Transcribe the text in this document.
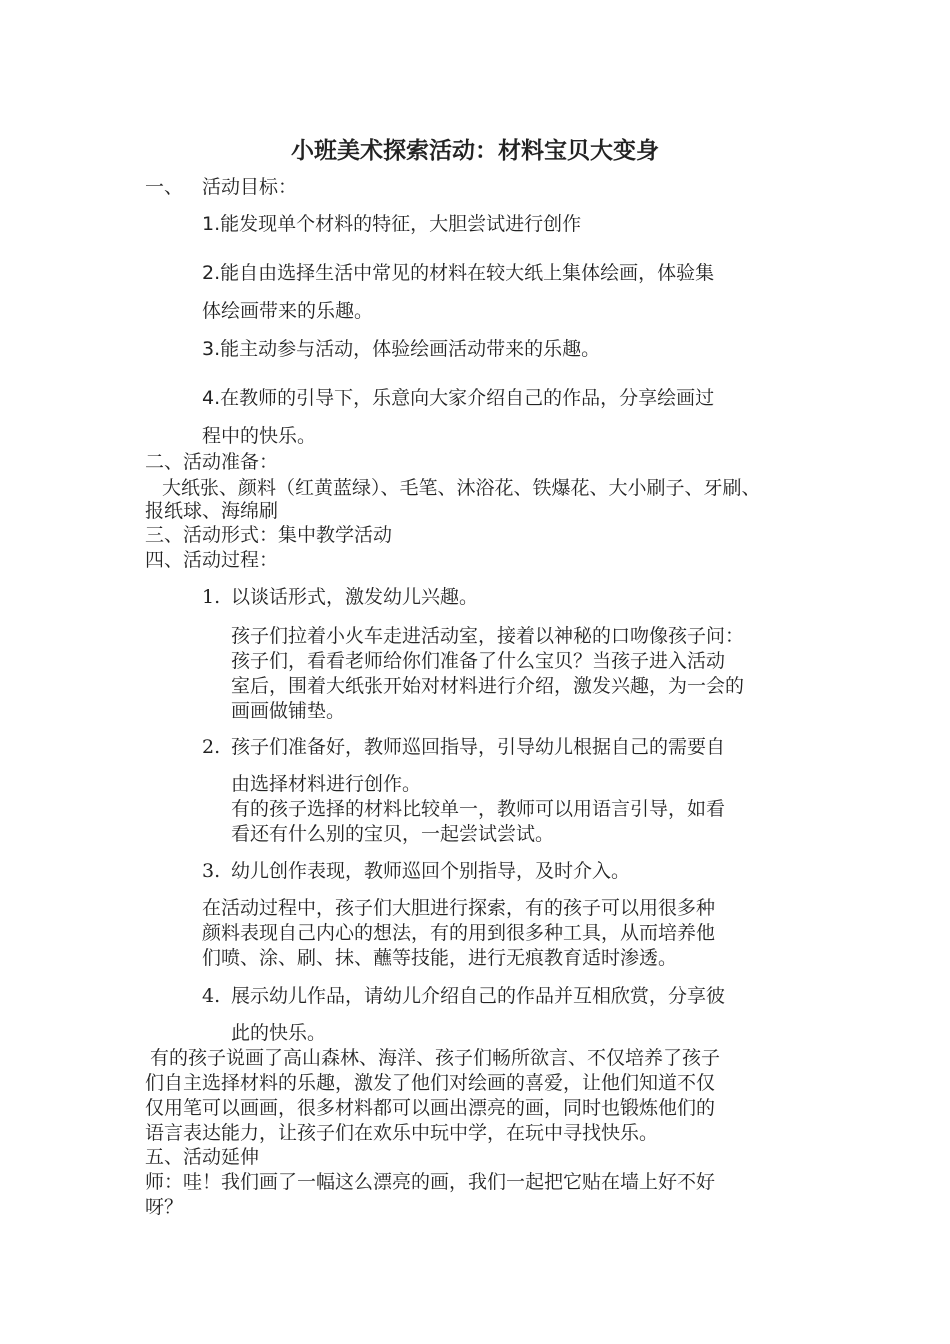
小班美术探索活动：材料宝贝大变身
一、 活动目标：
1.能发现单个材料的特征，大胆尝试进行创作
2.能自由选择生活中常见的材料在较大纸上集体绘画，体验集
体绘画带来的乐趣。
3.能主动参与活动，体验绘画活动带来的乐趣。
4.在教师的引导下，乐意向大家介绍自己的作品，分享绘画过
程中的快乐。
二、活动准备：
大纸张、颜料（红黄蓝绿）、毛笔、沐浴花、铁爆花、大小刷子、牙刷、
报纸球、海绵刷
三、活动形式：集中教学活动
四、活动过程：
1. 以谈话形式，激发幼儿兴趣。
孩子们拉着小火车走进活动室，接着以神秘的口吻像孩子问：
孩子们，看看老师给你们准备了什么宝贝？当孩子进入活动
室后，围着大纸张开始对材料进行介绍，激发兴趣，为一会的
画画做铺垫。
2. 孩子们准备好，教师巡回指导，引导幼儿根据自己的需要自
由选择材料进行创作。
有的孩子选择的材料比较单一，教师可以用语言引导，如看
看还有什么别的宝贝，一起尝试尝试。
3. 幼儿创作表现，教师巡回个别指导，及时介入。
在活动过程中，孩子们大胆进行探索，有的孩子可以用很多种
颜料表现自己内心的想法，有的用到很多种工具，从而培养他
们喷、涂、刷、抹、蘸等技能，进行无痕教育适时渗透。
4. 展示幼儿作品，请幼儿介绍自己的作品并互相欣赏，分享彼
此的快乐。
有的孩子说画了高山森林、海洋、孩子们畅所欲言、不仅培养了孩子
们自主选择材料的乐趣，激发了他们对绘画的喜爱，让他们知道不仅
仅用笔可以画画，很多材料都可以画出漂亮的画，同时也锻炼他们的
语言表达能力，让孩子们在欢乐中玩中学，在玩中寻找快乐。
五、活动延伸
师：哇！我们画了一幅这么漂亮的画，我们一起把它贴在墙上好不好
呀？
